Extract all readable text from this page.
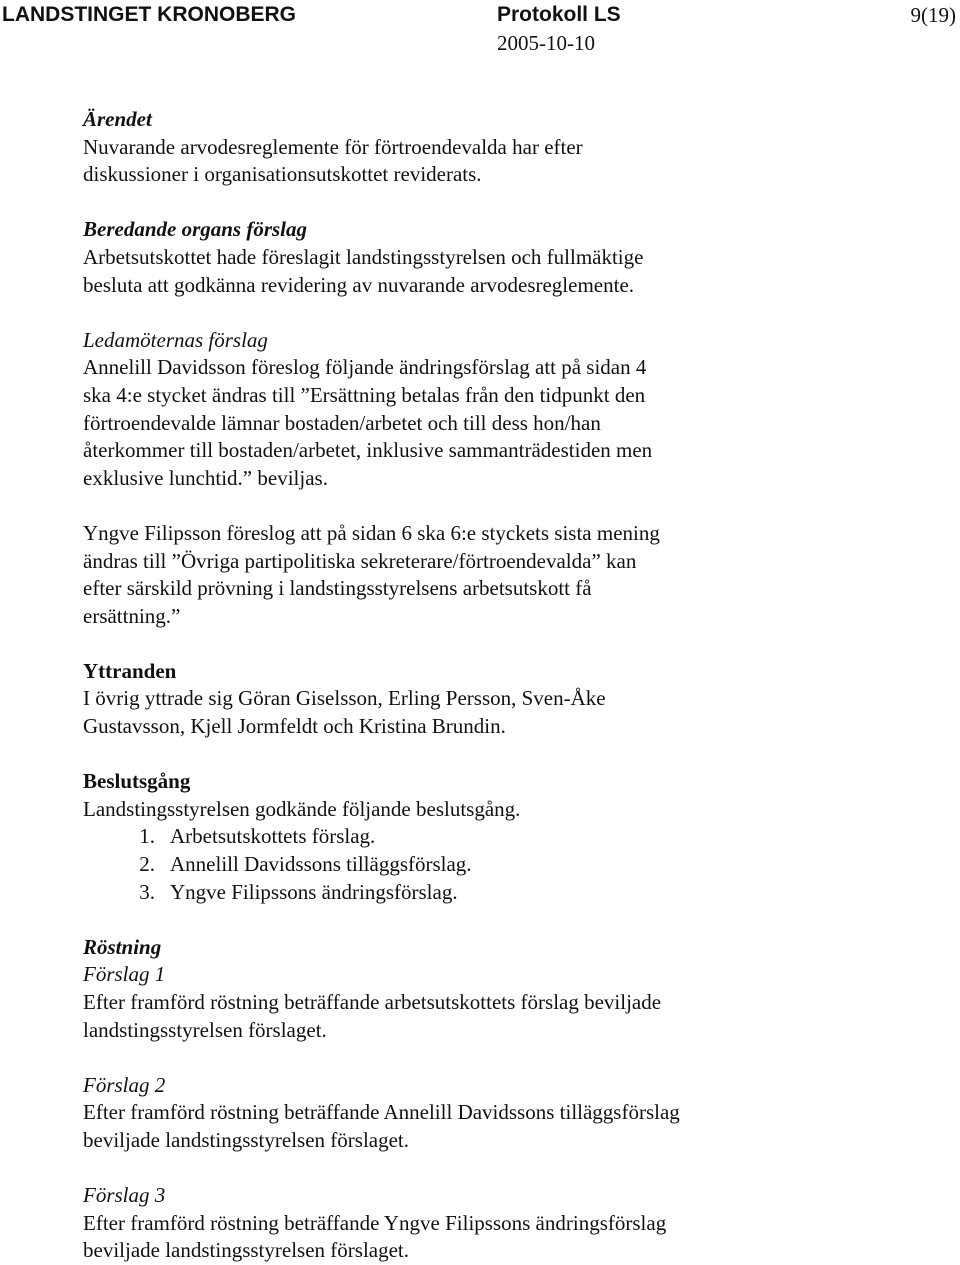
LANDSTINGET KRONOBERG	Protokoll LS
2005-10-10
9(19)

Ärendet

Nuvarande arvodesreglemente för förtroendevalda har efter

diskussioner i organisationsutskottet reviderats.

Beredande organs förslag

Arbetsutskottet hade föreslagit landstingsstyrelsen och fullmäktige

besluta att godkänna revidering av nuvarande arvodesreglemente.

Ledamöternas förslag

Annelill Davidsson föreslog följande ändringsförslag att på sidan 4

ska 4:e stycket ändras till ”Ersättning betalas från den tidpunkt den

förtroendevalde lämnar bostaden/arbetet och till dess hon/han

återkommer till bostaden/arbetet, inklusive sammanträdestiden men

exklusive lunchtid.” beviljas.

Yngve Filipsson föreslog att på sidan 6 ska 6:e styckets sista mening

ändras till ”Övriga partipolitiska sekreterare/förtroendevalda” kan

efter särskild prövning i landstingsstyrelsens arbetsutskott få

ersättning.”

Yttranden

I övrig yttrade sig Göran Giselsson, Erling Persson, Sven-Åke

Gustavsson, Kjell Jormfeldt och Kristina Brundin.

Beslutsgång

Landstingsstyrelsen godkände följande beslutsgång.

1. Arbetsutskottets förslag.
2. Annelill Davidssons tilläggsförslag.
3. Yngve Filipssons ändringsförslag.

Röstning

Förslag 1

Efter framförd röstning beträffande arbetsutskottets förslag beviljade

landstingsstyrelsen förslaget.

Förslag 2

Efter framförd röstning beträffande Annelill Davidssons tilläggsförslag

beviljade landstingsstyrelsen förslaget.

Förslag 3

Efter framförd röstning beträffande Yngve Filipssons ändringsförslag

beviljade landstingsstyrelsen förslaget.
